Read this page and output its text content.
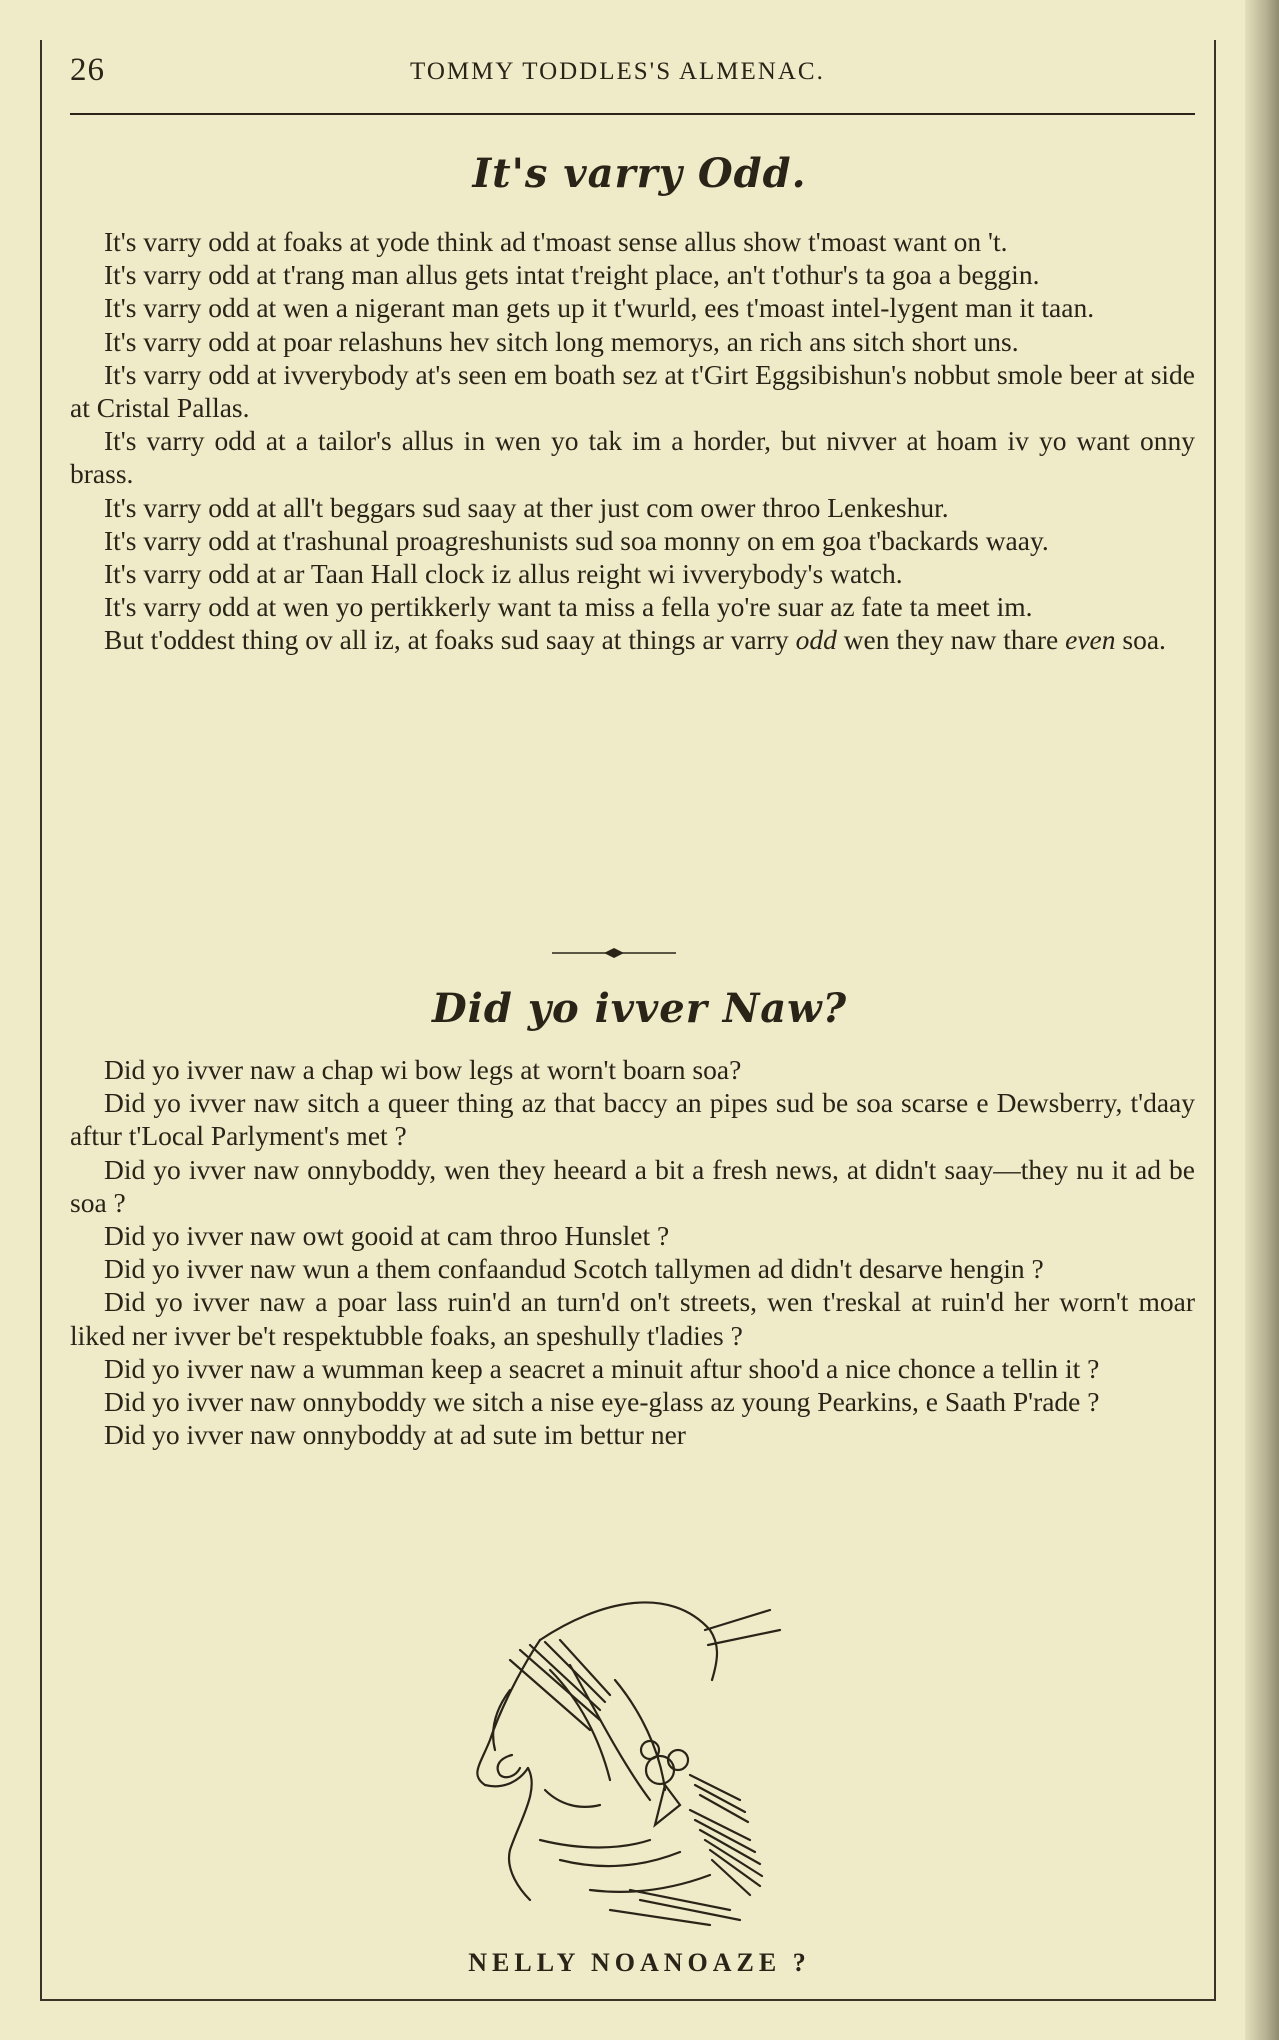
26	TOMMY TODDLES'S ALMENAC.
It's varry Odd.

It's varry odd at foaks at yode think ad t'moast sense allus show t'moast want on 't.

It's varry odd at t'rang man allus gets intat t'reight place, an't t'othur's ta goa a beggin.

It's varry odd at wen a nigerant man gets up it t'wurld, ees t'moast intel-lygent man it taan.

It's varry odd at poar relashuns hev sitch long memorys, an rich ans sitch short uns.

It's varry odd at ivverybody at's seen em boath sez at t'Girt Eggsibishun's nobbut smole beer at side at Cristal Pallas.

It's varry odd at a tailor's allus in wen yo tak im a horder, but nivver at hoam iv yo want onny brass.

It's varry odd at all't beggars sud saay at ther just com ower throo Lenkeshur.

It's varry odd at t'rashunal proagreshunists sud soa monny on em goa t'backards waay.

It's varry odd at ar Taan Hall clock iz allus reight wi ivverybody's watch.

It's varry odd at wen yo pertikkerly want ta miss a fella yo're suar az fate ta meet im.

But t'oddest thing ov all iz, at foaks sud saay at things ar varry odd wen they naw thare even soa.

Did yo ivver Naw?

Did yo ivver naw a chap wi bow legs at worn't boarn soa?

Did yo ivver naw sitch a queer thing az that baccy an pipes sud be soa scarse e Dewsberry, t'daay aftur t'Local Parlyment's met ?

Did yo ivver naw onnyboddy, wen they heeard a bit a fresh news, at didn't saay—they nu it ad be soa ?

Did yo ivver naw owt gooid at cam throo Hunslet ?

Did yo ivver naw wun a them confaandud Scotch tallymen ad didn't desarve hengin ?

Did yo ivver naw a poar lass ruin'd an turn'd on't streets, wen t'reskal at ruin'd her worn't moar liked ner ivver be't respektubble foaks, an speshully t'ladies ?

Did yo ivver naw a wumman keep a seacret a minuit aftur shoo'd a nice chonce a tellin it ?

Did yo ivver naw onnyboddy we sitch a nise eye-glass az young Pearkins, e Saath P'rade ?

Did yo ivver naw onnyboddy at ad sute im bettur ner

NELLY NOANOAZE ?
